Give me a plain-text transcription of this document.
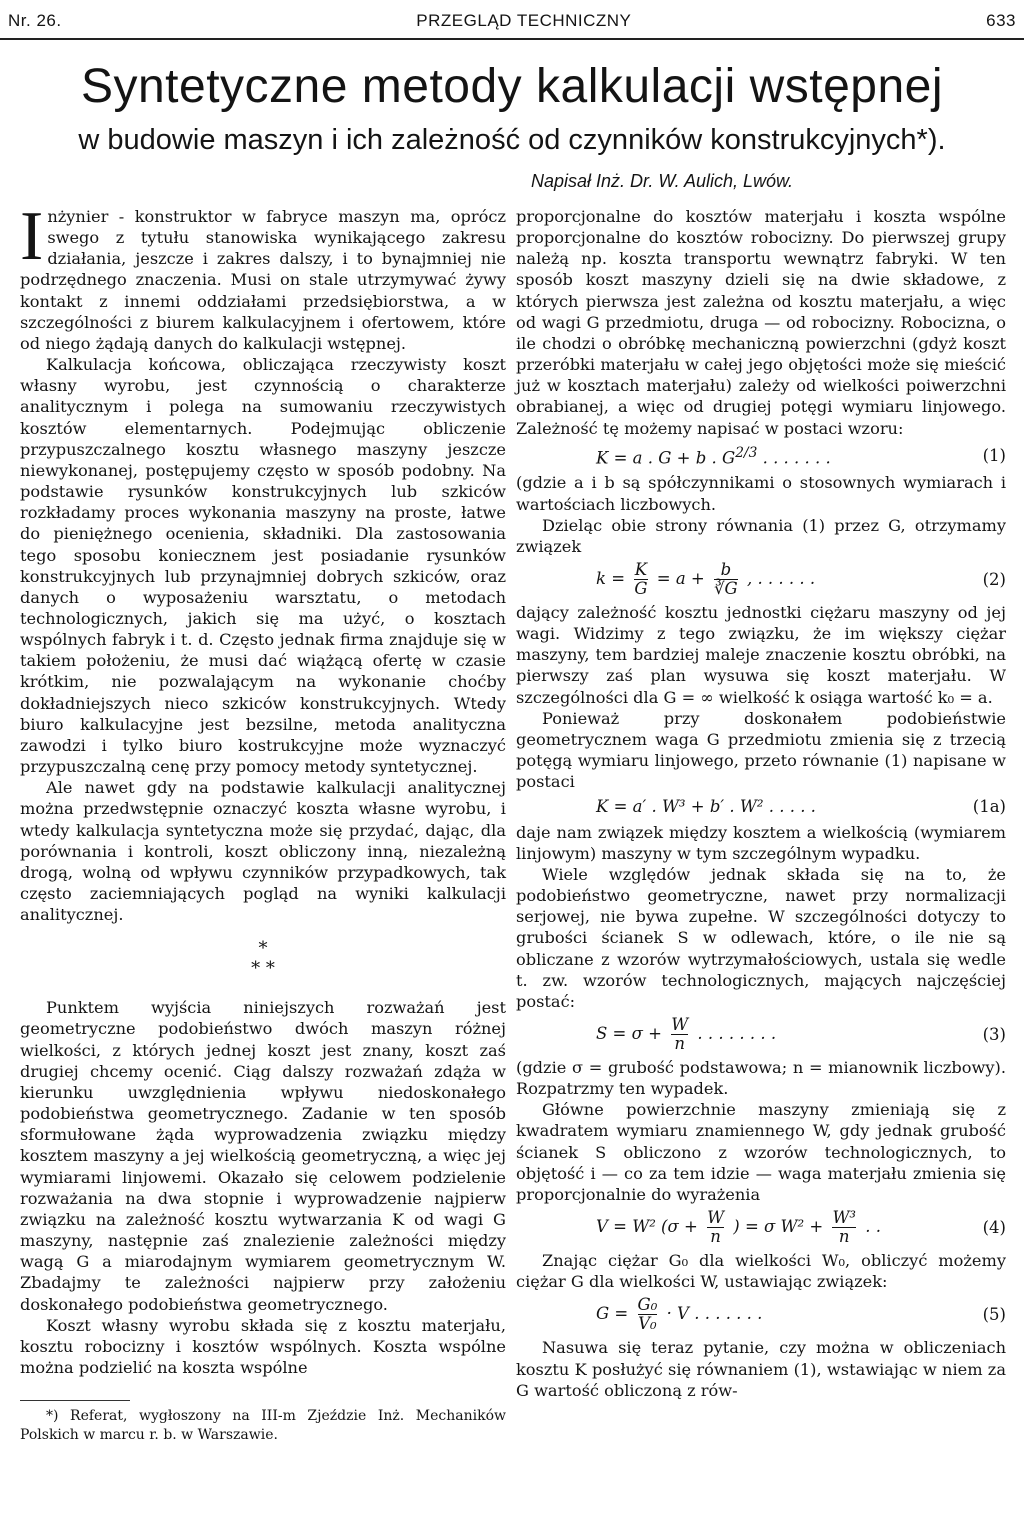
Nr. 26.	PRZEGLĄD TECHNICZNY	633
Syntetyczne metody kalkulacji wstępnej
w budowie maszyn i ich zależność od czynników konstrukcyjnych*).
Napisał Inż. Dr. W. Aulich, Lwów.

Inżynier - konstruktor w fabryce maszyn ma, oprócz swego z tytułu stanowiska wynikającego zakresu działania, jeszcze i zakres dalszy, i to bynajmniej nie podrzędnego znaczenia. Musi on stale utrzymywać żywy kontakt z innemi oddziałami przedsiębiorstwa, a w szczególności z biurem kalkulacyjnem i ofertowem, które od niego żądają danych do kalkulacji wstępnej.

Kalkulacja końcowa, obliczająca rzeczywisty koszt własny wyrobu, jest czynnością o charakterze analitycznym i polega na sumowaniu rzeczywistych kosztów elementarnych. Podejmując obliczenie przypuszczalnego kosztu własnego maszyny jeszcze niewykonanej, postępujemy często w sposób podobny. Na podstawie rysunków konstrukcyjnych lub szkiców rozkładamy proces wykonania maszyny na proste, łatwe do pieniężnego ocenienia, składniki. Dla zastosowania tego sposobu koniecznem jest posiadanie rysunków konstrukcyjnych lub przynajmniej dobrych szkiców, oraz danych o wyposażeniu warsztatu, o metodach technologicznych, jakich się ma użyć, o kosztach wspólnych fabryk i t. d. Często jednak firma znajduje się w takiem położeniu, że musi dać wiążącą ofertę w czasie krótkim, nie pozwalającym na wykonanie choćby dokładniejszych nieco szkiców konstrukcyjnych. Wtedy biuro kalkulacyjne jest bezsilne, metoda analityczna zawodzi i tylko biuro kostrukcyjne może wyznaczyć przypuszczalną cenę przy pomocy metody syntetycznej.

Ale nawet gdy na podstawie kalkulacji analitycznej można przedwstępnie oznaczyć koszta własne wyrobu, i wtedy kalkulacja syntetyczna może się przydać, dając, dla porównania i kontroli, koszt obliczony inną, niezależną drogą, wolną od wpływu czynników przypadkowych, tak często zaciemniających pogląd na wyniki kalkulacji analitycznej.

*
* *

Punktem wyjścia niniejszych rozważań jest geometryczne podobieństwo dwóch maszyn różnej wielkości, z których jednej koszt jest znany, koszt zaś drugiej chcemy ocenić. Ciąg dalszy rozważań zdąża w kierunku uwzględnienia wpływu niedoskonałego podobieństwa geometrycznego. Zadanie w ten sposób sformułowane żąda wyprowadzenia związku między kosztem maszyny a jej wielkością geometryczną, a więc jej wymiarami linjowemi. Okazało się celowem podzielenie rozważania na dwa stopnie i wyprowadzenie najpierw związku na zależność kosztu wytwarzania K od wagi G maszyny, następnie zaś znalezienie zależności między wagą G a miarodajnym wymiarem geometrycznym W. Zbadajmy te zależności najpierw przy założeniu doskonałego podobieństwa geometrycznego.

Koszt własny wyrobu składa się z kosztu materjału, kosztu robocizny i kosztów wspólnych. Koszta wspólne można podzielić na koszta wspólne

*) Referat, wygłoszony na III-m Zjeździe Inż. Mechaników Polskich w marcu r. b. w Warszawie.

proporcjonalne do kosztów materjału i koszta wspólne proporcjonalne do kosztów robocizny. Do pierwszej grupy należą np. koszta transportu wewnątrz fabryki. W ten sposób koszt maszyny dzieli się na dwie składowe, z których pierwsza jest zależna od kosztu materjału, a więc od wagi G przedmiotu, druga — od robocizny. Robocizna, o ile chodzi o obróbkę mechaniczną powierzchni (gdyż koszt przeróbki materjału w całej jego objętości może się mieścić już w kosztach materjału) zależy od wielkości poiwerzchni obrabianej, a więc od drugiej potęgi wymiaru linjowego. Zależność tę możemy napisać w postaci wzoru:

K = a . G + b . $G^{2/3}$ . . . . . . .	(1)

(gdzie a i b są spółczynnikami o stosownych wymiarach i wartościach liczbowych.

Dzieląc obie strony równania (1) przez G, otrzymamy związek

$k = \frac{K}{G} = a + \frac{b}{∛G}$ , . . . . . .	(2)

dający zależność kosztu jednostki ciężaru maszyny od jej wagi. Widzimy z tego związku, że im większy ciężar maszyny, tem bardziej maleje znaczenie kosztu obróbki, na pierwszy zaś plan wysuwa się koszt materjału. W szczególności dla G = ∞ wielkość k osiąga wartość k₀ = a.

Ponieważ przy doskonałem podobieństwie geometrycznem waga G przedmiotu zmienia się z trzecią potęgą wymiaru linjowego, przeto równanie (1) napisane w postaci

K = a′ . W³ + b′ . W² . . . . .	(1a)

daje nam związek między kosztem a wielkością (wymiarem linjowym) maszyny w tym szczególnym wypadku.

Wiele względów jednak składa się na to, że podobieństwo geometryczne, nawet przy normalizacji serjowej, nie bywa zupełne. W szczególności dotyczy to grubości ścianek S w odlewach, które, o ile nie są obliczane z wzorów wytrzymałościowych, ustala się wedle t. zw. wzorów technologicznych, mających najczęściej postać:

$S = \sigma + \frac{W}{n}$ . . . . . . . .	(3)

(gdzie σ = grubość podstawowa; n = mianownik liczbowy). Rozpatrzmy ten wypadek.

Główne powierzchnie maszyny zmieniają się z kwadratem wymiaru znamiennego W, gdy jednak grubość ścianek S obliczono z wzorów technologicznych, to objętość i — co za tem idzie — waga materjału zmienia się proporcjonalnie do wyrażenia

V = W² ($\sigma + \frac{W}{n}$ ) = σ $W^2 + \frac{\text{W³}}{n}$ . .	(4)

Znając ciężar G₀ dla wielkości W₀, obliczyć możemy ciężar G dla wielkości W, ustawiając związek:

$G = \frac{\text{G₀}}{\text{V₀}} \cdot V$ . . . . . . .	(5)

Nasuwa się teraz pytanie, czy można w obliczeniach kosztu K posłużyć się równaniem (1), wstawiając w niem za G wartość obliczoną z rów-
